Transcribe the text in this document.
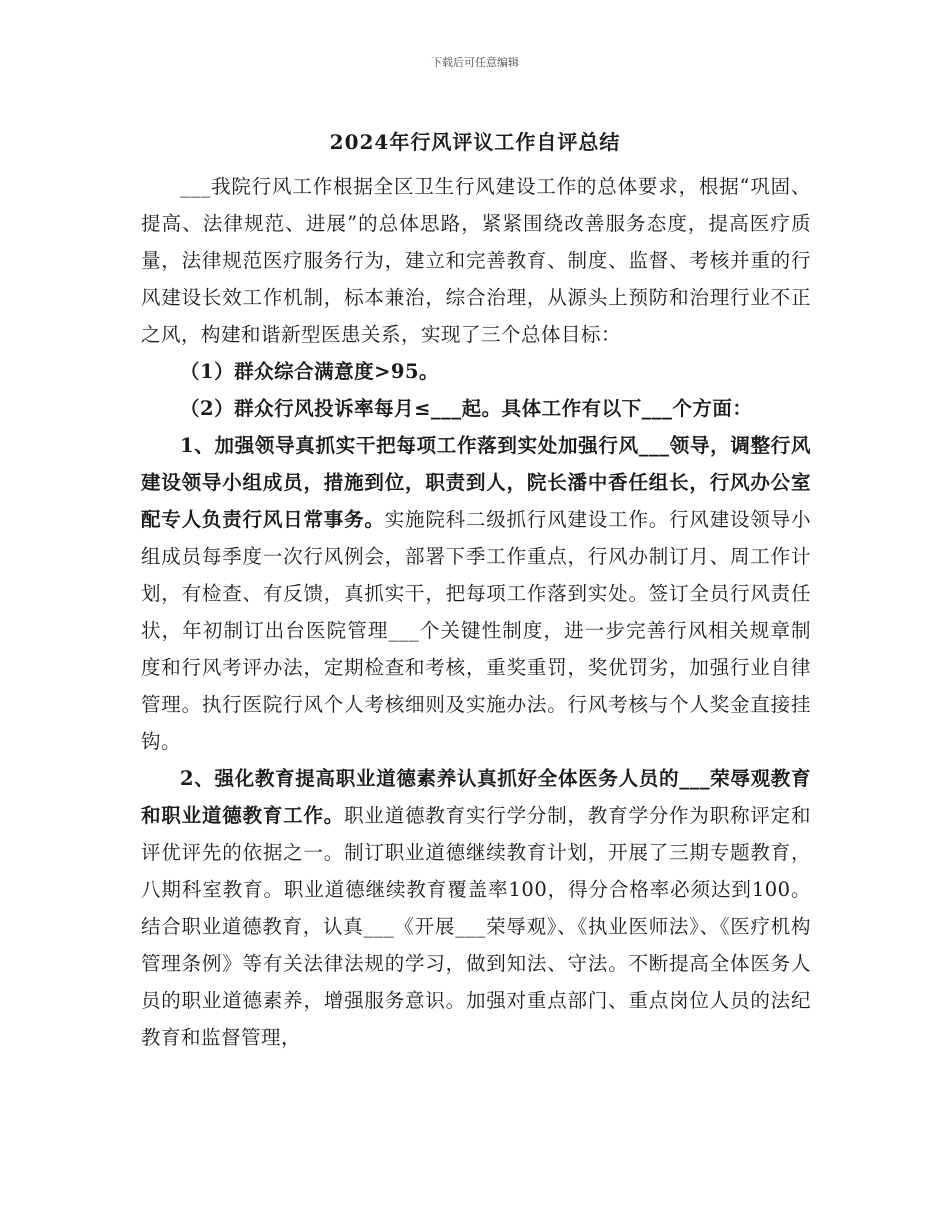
下载后可任意编辑
2024年行风评议工作自评总结

___我院行风工作根据全区卫生行风建设工作的总体要求，根据“巩固、提高、法律规范、进展”的总体思路，紧紧围绕改善服务态度，提高医疗质量，法律规范医疗服务行为，建立和完善教育、制度、监督、考核并重的行风建设长效工作机制，标本兼治，综合治理，从源头上预防和治理行业不正之风，构建和谐新型医患关系，实现了三个总体目标：

（1）群众综合满意度>95。

（2）群众行风投诉率每月≤___起。具体工作有以下___个方面：

1、加强领导真抓实干把每项工作落到实处加强行风___领导，调整行风建设领导小组成员，措施到位，职责到人，院长潘中香任组长，行风办公室配专人负责行风日常事务。实施院科二级抓行风建设工作。行风建设领导小组成员每季度一次行风例会，部署下季工作重点，行风办制订月、周工作计划，有检查、有反馈，真抓实干，把每项工作落到实处。签订全员行风责任状，年初制订出台医院管理___个关键性制度，进一步完善行风相关规章制度和行风考评办法，定期检查和考核，重奖重罚，奖优罚劣，加强行业自律管理。执行医院行风个人考核细则及实施办法。行风考核与个人奖金直接挂钩。

2、强化教育提高职业道德素养认真抓好全体医务人员的___荣辱观教育和职业道德教育工作。职业道德教育实行学分制，教育学分作为职称评定和评优评先的依据之一。制订职业道德继续教育计划，开展了三期专题教育，八期科室教育。职业道德继续教育覆盖率100，得分合格率必须达到100。结合职业道德教育，认真___《开展___荣辱观》、《执业医师法》、《医疗机构管理条例》等有关法律法规的学习，做到知法、守法。不断提高全体医务人员的职业道德素养，增强服务意识。加强对重点部门、重点岗位人员的法纪教育和监督管理，
